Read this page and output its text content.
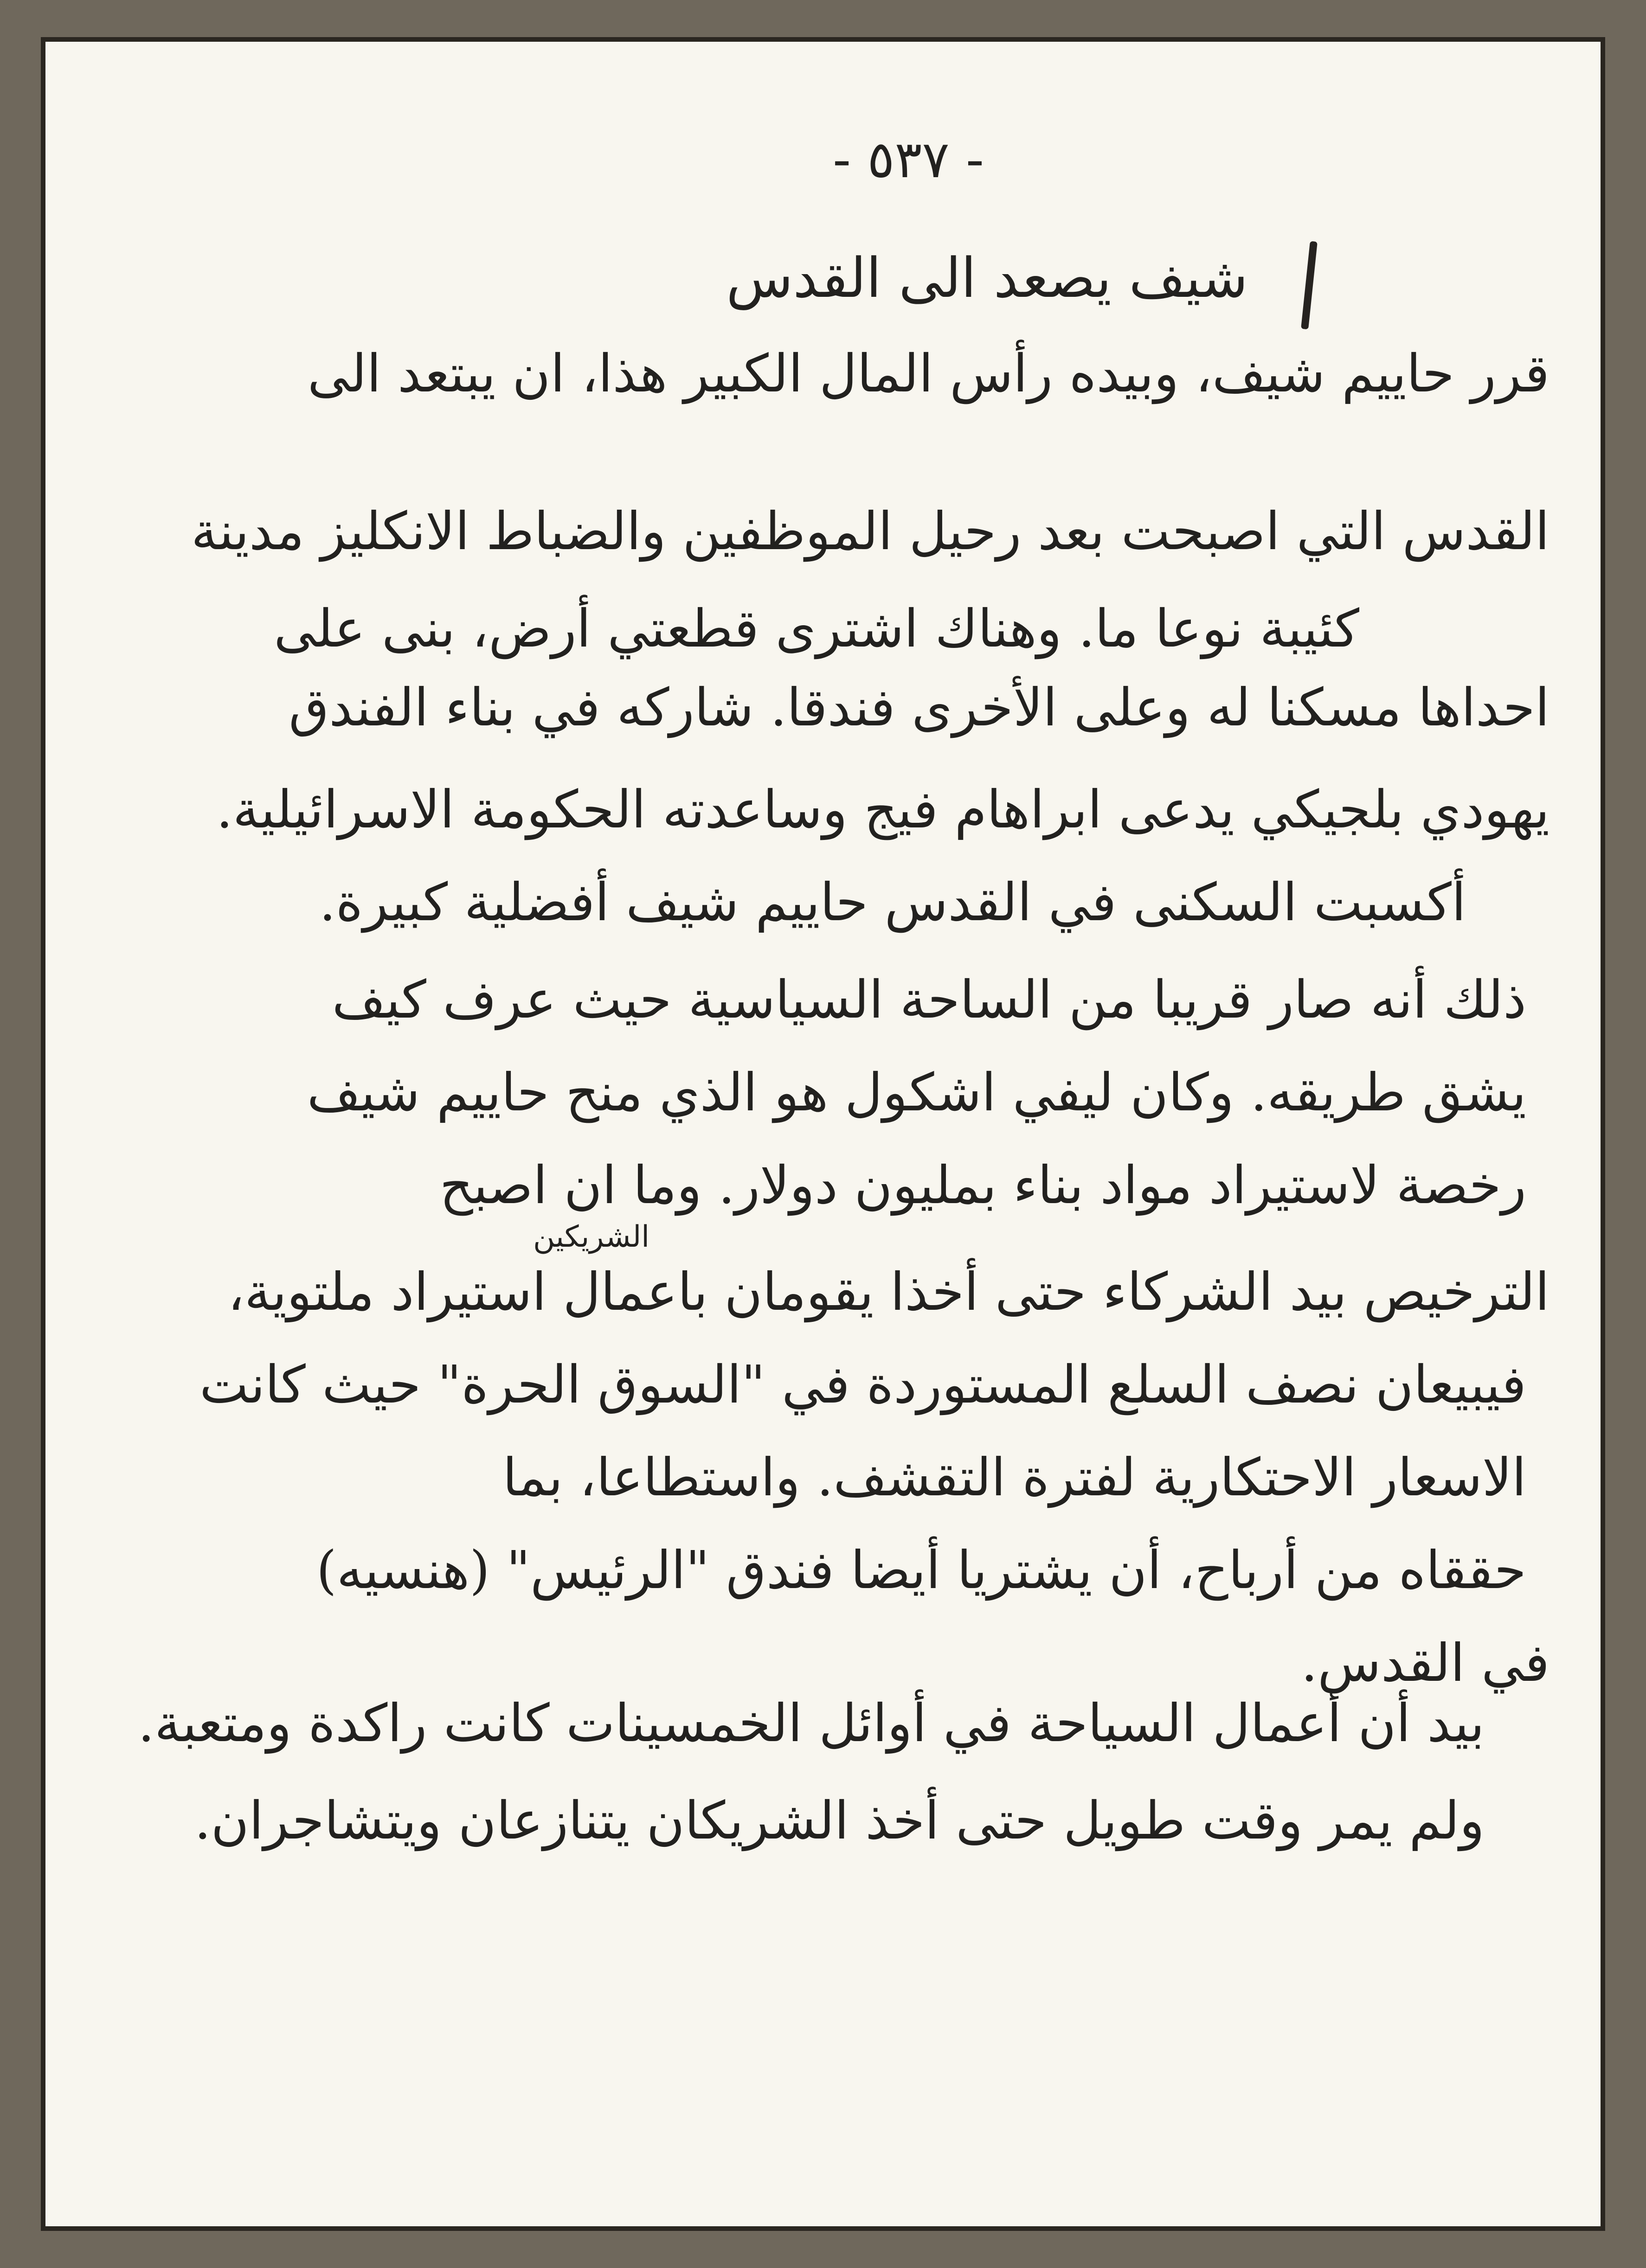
- ٥٣٧ -
شيف يصعد الى القدس
قرر حاييم شيف، وبيده رأس المال الكبير هذا، ان يبتعد الى
القدس التي اصبحت بعد رحيل الموظفين والضباط الانكليز مدينة
كئيبة نوعا ما. وهناك اشترى قطعتي أرض، بنى على
احداها مسكنا له وعلى الأخرى فندقا. شاركه في بناء الفندق
يهودي بلجيكي يدعى ابراهام فيج وساعدته الحكومة الاسرائيلية.
أكسبت السكنى في القدس حاييم شيف أفضلية كبيرة.
ذلك أنه صار قريبا من الساحة السياسية حيث عرف كيف
يشق طريقه. وكان ليفي اشكول هو الذي منح حاييم شيف
رخصة لاستيراد مواد بناء بمليون دولار. وما ان اصبح
الشريكين
الترخيص بيد الشركاء حتى أخذا يقومان باعمال استيراد ملتوية،
فيبيعان نصف السلع المستوردة في "السوق الحرة" حيث كانت
الاسعار الاحتكارية لفترة التقشف. واستطاعا، بما
حققاه من أرباح، أن يشتريا أيضا فندق "الرئيس" (هنسيه)
في القدس.
بيد أن أعمال السياحة في أوائل الخمسينات كانت راكدة ومتعبة.
ولم يمر وقت طويل حتى أخذ الشريكان يتنازعان ويتشاجران.
